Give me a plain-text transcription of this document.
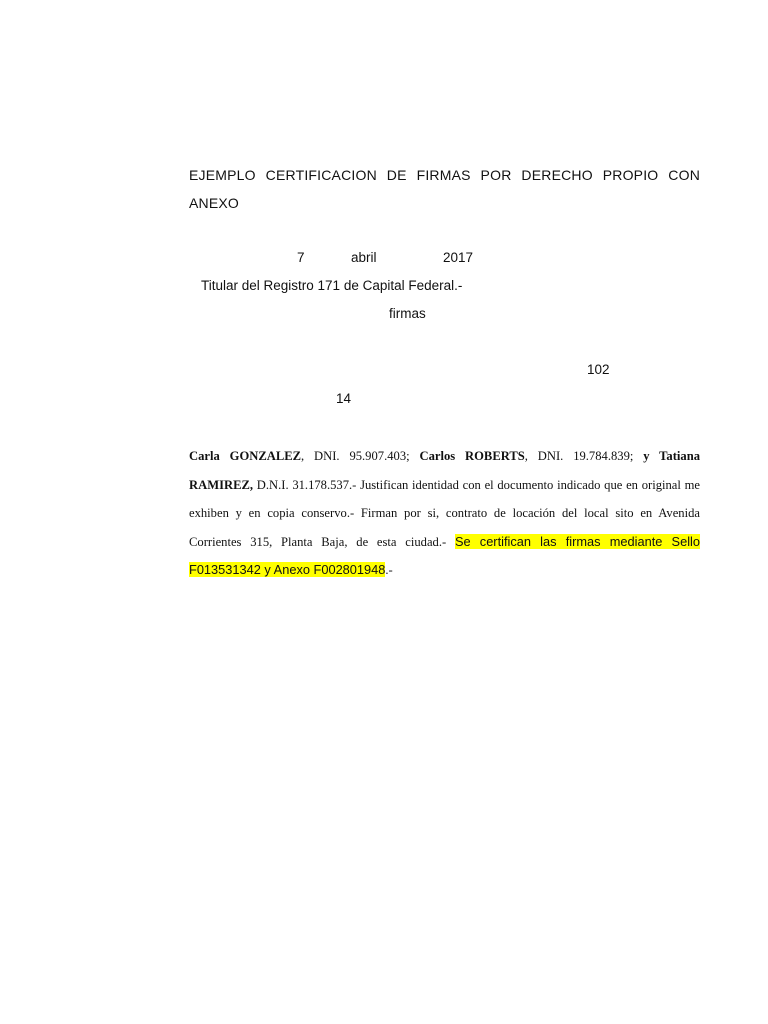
EJEMPLO CERTIFICACION DE FIRMAS POR DERECHO PROPIO CON ANEXO
7	abril	2017
Titular del Registro 171 de Capital Federal.-
firmas
102
14
Carla GONZALEZ, DNI. 95.907.403; Carlos ROBERTS, DNI. 19.784.839; y Tatiana RAMIREZ, D.N.I. 31.178.537.- Justifican identidad con el documento indicado que en original me exhiben y en copia conservo.- Firman por si, contrato de locación del local sito en Avenida Corrientes 315, Planta Baja, de esta ciudad.- Se certifican las firmas mediante Sello F013531342 y Anexo F002801948.-
